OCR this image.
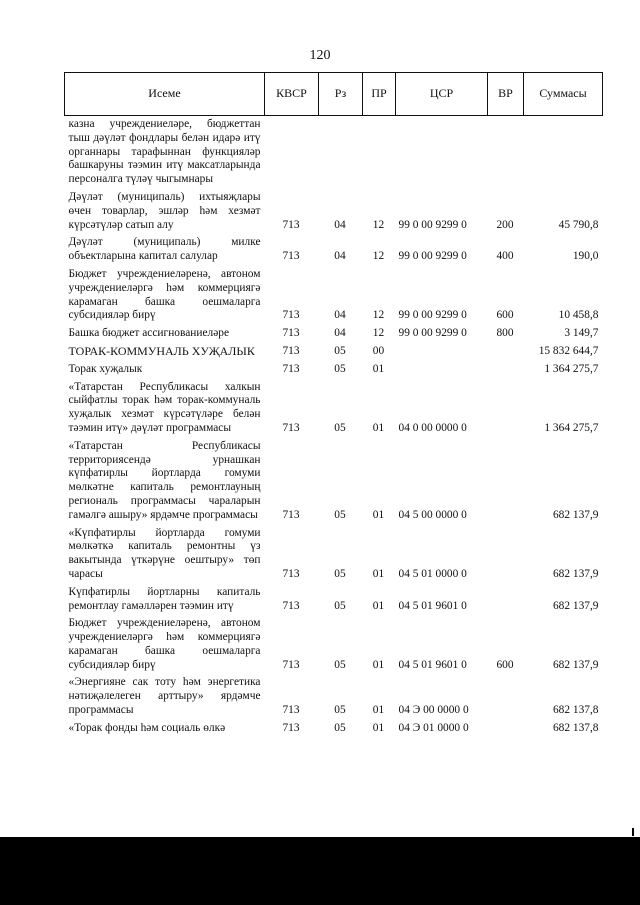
120
Исеме	КВСР	Рз	ПР	ЦСР	ВР	Суммасы
казна учреждениеләре, бюджеттан тыш дәүләт фондлары белән идарә итү органнары тарафыннан функцияләр башкаруны тәэмин итү максатларында персоналга түләү чыгымнары						
Дәүләт (муниципаль) ихтыяҗлары өчен товарлар, эшләр һәм хезмәт күрсәтүләр сатып алу	713	04	12	99 0 00 9299 0	200	45 790,8
Дәүләт (муниципаль) милке объектларына капитал салулар	713	04	12	99 0 00 9299 0	400	190,0
Бюджет учреждениеләренә, автоном учреждениеләргә һәм коммерциягә карамаган башка оешмаларга субсидияләр бирү	713	04	12	99 0 00 9299 0	600	10 458,8
Башка бюджет ассигнованиеләре	713	04	12	99 0 00 9299 0	800	3 149,7
ТОРАК-КОММУНАЛЬ ХУҖАЛЫК	713	05	00			15 832 644,7
Торак хуҗалык	713	05	01			1 364 275,7
«Татарстан Республикасы халкын сыйфатлы торак һәм торак-коммуналь хуҗалык хезмәт күрсәтүләре белән тәэмин итү» дәүләт программасы	713	05	01	04 0 00 0000 0		1 364 275,7
«Татарстан Республикасы территориясендә урнашкан күпфатирлы йортларда гомуми мөлкәтне капиталь ремонтлауның региональ программасы чараларын гамәлгә ашыру» ярдәмче программасы	713	05	01	04 5 00 0000 0		682 137,9
«Күпфатирлы йортларда гомуми мөлкәткә капиталь ремонтны үз вакытында үткәрүне оештыру» төп чарасы	713	05	01	04 5 01 0000 0		682 137,9
Күпфатирлы йортларны капиталь ремонтлау гамәлләрен тәэмин итү	713	05	01	04 5 01 9601 0		682 137,9
Бюджет учреждениеләренә, автоном учреждениеләргә һәм коммерциягә карамаган башка оешмаларга субсидияләр бирү	713	05	01	04 5 01 9601 0	600	682 137,9
«Энергияне сак тоту һәм энергетика нәтиҗәлелеген арттыру» ярдәмче программасы	713	05	01	04 Э 00 0000 0		682 137,8
«Торак фонды һәм социаль өлкә	713	05	01	04 Э 01 0000 0		682 137,8
